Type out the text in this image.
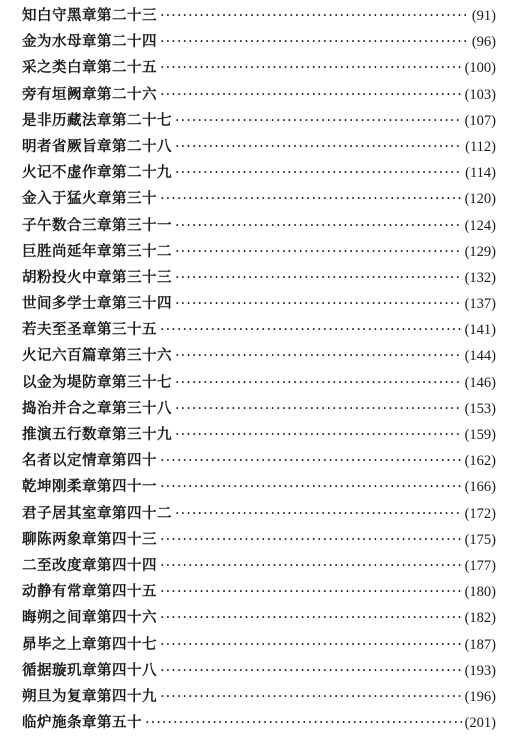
知白守黑章第二十三 ·····	(91)
金为水母章第二十四 ·····	(96)
采之类白章第二十五 ·····	(100)
旁有垣阙章第二十六 ·····	(103)
是非历藏法章第二十七 ·····	(107)
明者省厥旨章第二十八 ·····	(112)
火记不虚作章第二十九 ·····	(114)
金入于猛火章第三十 ·····	(120)
子午数合三章第三十一 ·····	(124)
巨胜尚延年章第三十二 ·····	(129)
胡粉投火中章第三十三 ·····	(132)
世间多学士章第三十四 ·····	(137)
若夫至圣章第三十五 ·····	(141)
火记六百篇章第三十六 ·····	(144)
以金为堤防章第三十七 ·····	(146)
捣治并合之章第三十八 ·····	(153)
推演五行数章第三十九 ·····	(159)
名者以定情章第四十 ·····	(162)
乾坤刚柔章第四十一 ·····	(166)
君子居其室章第四十二 ·····	(172)
聊陈两象章第四十三 ·····	(175)
二至改度章第四十四 ·····	(177)
动静有常章第四十五 ·····	(180)
晦朔之间章第四十六 ·····	(182)
昴毕之上章第四十七 ·····	(187)
循据璇玑章第四十八 ·····	(193)
朔旦为复章第四十九 ·····	(196)
临炉施条章第五十 ·····	(201)
